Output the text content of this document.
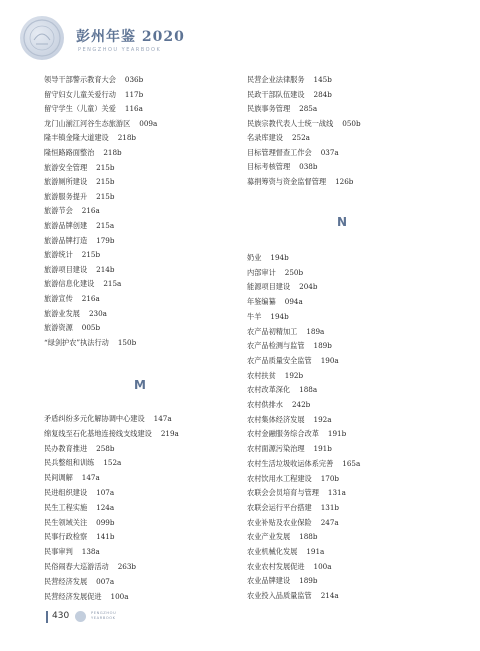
彭州年鉴 2020
PENGZHOU YEARBOOK
领导干部警示教育大会 036b
留守妇女儿童关爱行动 117b
留守学生（儿童）关爱 116a
龙门山湔江河谷生态旅游区 009a
隆丰镇金隆大道建设 218b
隆恒路路面整治 218b
旅游安全管理 215b
旅游厕所建设 215b
旅游服务提升 215b
旅游节会 216a
旅游品牌创建 215a
旅游品牌打造 179b
旅游统计 215b
旅游项目建设 214b
旅游信息化建设 215a
旅游宣传 216a
旅游业发展 230a
旅游资源 005b
“绿剑护农”执法行动 150b
M
矛盾纠纷多元化解协调中心建设 147a
绵复线至石化基地连接线支线建设 219a
民办教育推进 258b
民兵整组和训练 152a
民间调解 147a
民进组织建设 107a
民生工程实施 124a
民生领域关注 099b
民事行政检察 141b
民事审判 138a
民俗闹春大巡游活动 263b
民营经济发展 007a
民营经济发展促进 100a
民营企业法律服务 145b
民政干部队伍建设 284b
民族事务管理 285a
民族宗教代表人士统一战线 050b
名录库建设 252a
目标管理督查工作会 037a
目标考核管理 038b
募捐筹资与资金监督管理 126b
N
奶业 194b
内部审计 250b
能源项目建设 204b
年鉴编纂 094a
牛羊 194b
农产品初精加工 189a
农产品检测与监管 189b
农产品质量安全监管 190a
农村扶贫 192b
农村改革深化 188a
农村供排水 242b
农村集体经济发展 192a
农村金融服务综合改革 191b
农村面源污染治理 191b
农村生活垃圾收运体系完善 165a
农村饮用水工程建设 170b
农联会会员培育与管理 131a
农联会运行平台搭建 131b
农业补贴及农业保险 247a
农业产业发展 188b
农业机械化发展 191a
农业农村发展促进 100a
农业品牌建设 189b
农业投入品质量监管 214a
430	PENGZHOU
YEARBOOK
